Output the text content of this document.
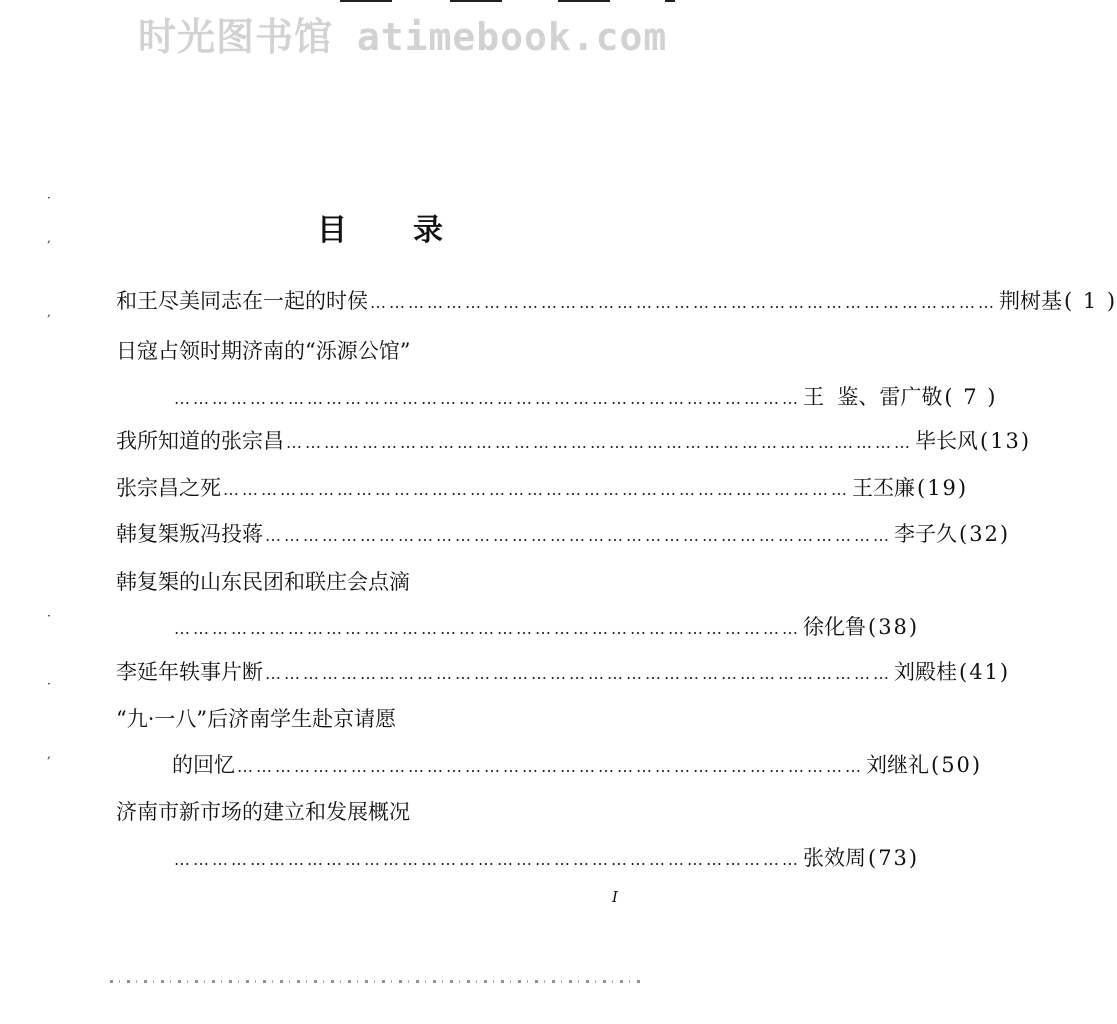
时光图书馆 atimebook.com
·
,
,
·
·
,
目 录
和王尽美同志在一起的时侯 ……………………………………………………………………………………… 荆树基 ( 1 )
日寇占领时期济南的“泺源公馆”
……………………………………………………………………………………… 王  鉴、雷广敬 ( 7 )
我所知道的张宗昌 ……………………………………………………………………………………… 毕长风 (13)
张宗昌之死 ……………………………………………………………………………………… 王丕廉 (19)
韩复榘叛冯投蒋 ……………………………………………………………………………………… 李子久 (32)
韩复榘的山东民团和联庄会点滴
……………………………………………………………………………………… 徐化鲁 (38)
李延年轶事片断 ……………………………………………………………………………………… 刘殿桂 (41)
“九·一八”后济南学生赴京请愿
的回忆 ……………………………………………………………………………………… 刘继礼 (50)
济南市新市场的建立和发展概况
……………………………………………………………………………………… 张效周 (73)
I
